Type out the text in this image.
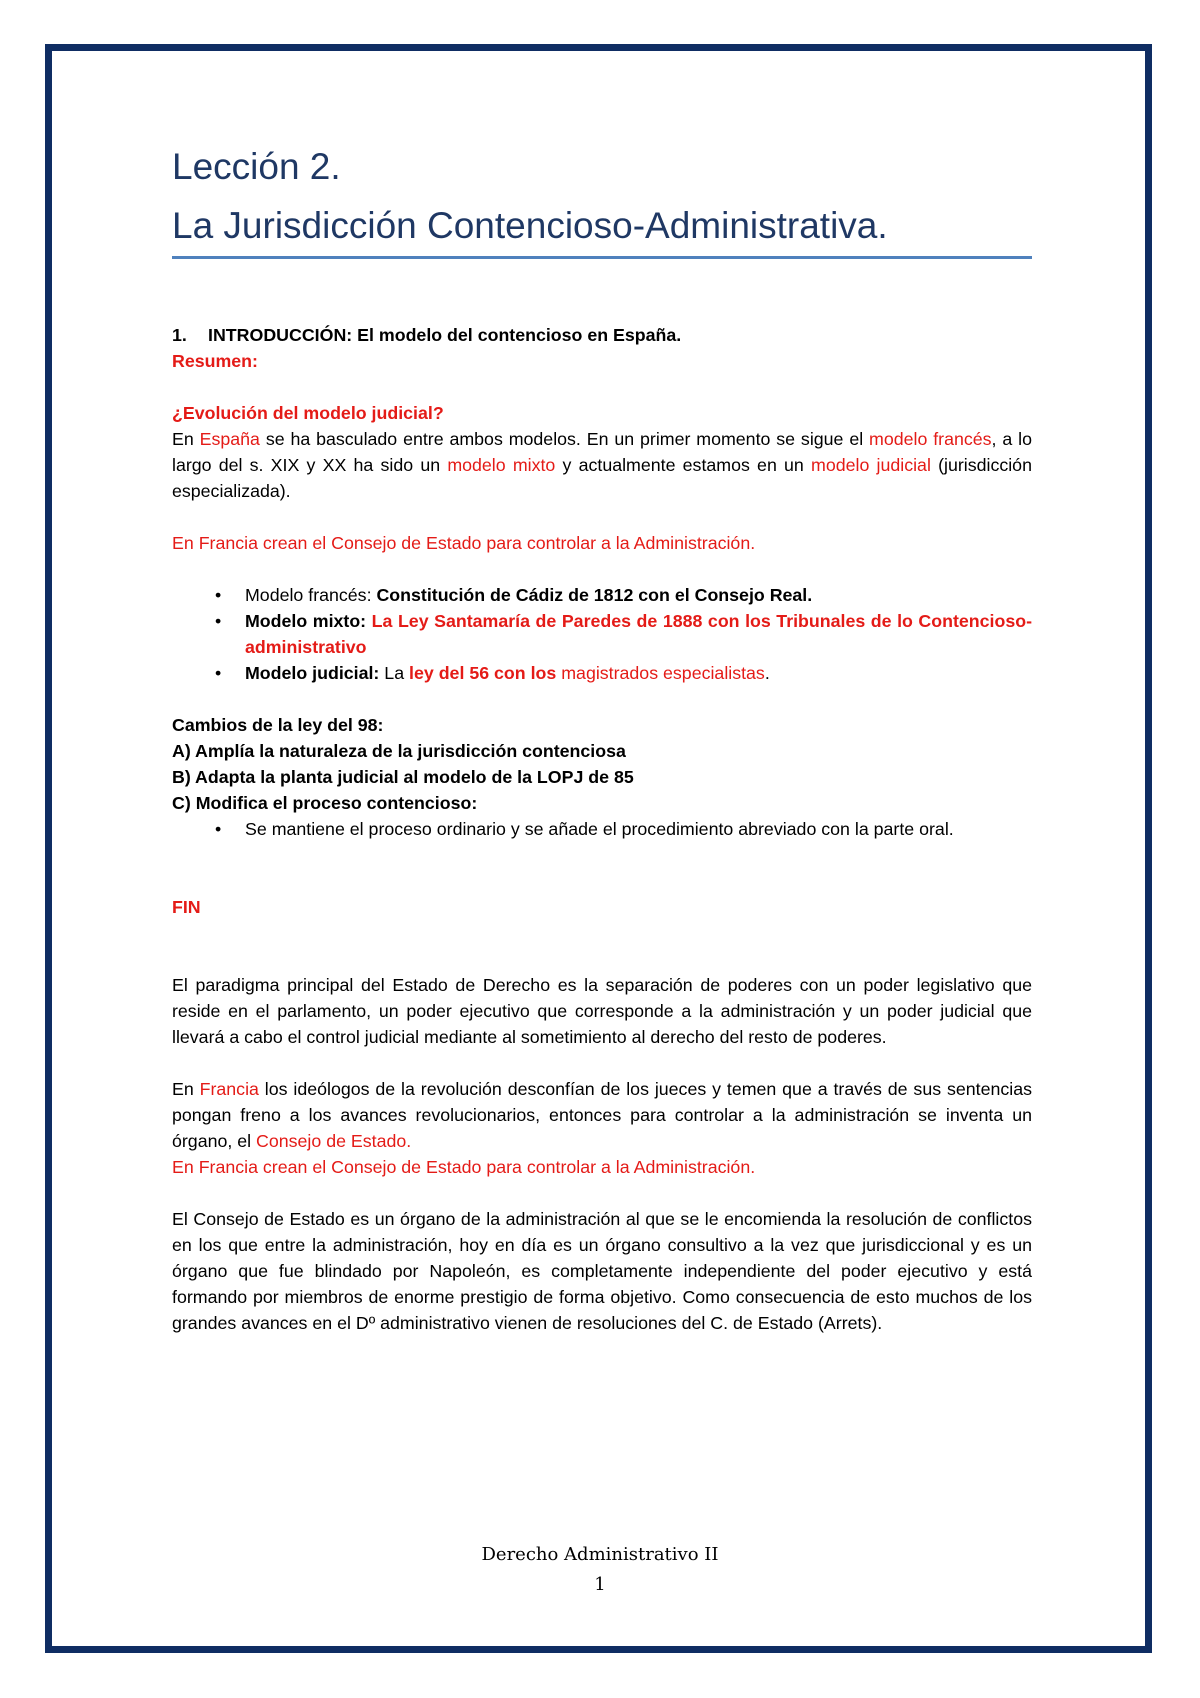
Lección 2.
La Jurisdicción Contencioso-Administrativa.

1.	INTRODUCCIÓN: El modelo del contencioso en España.

Resumen:

¿Evolución del modelo judicial?

En España se ha basculado entre ambos modelos. En un primer momento se sigue el modelo francés, a lo largo del s. XIX y XX ha sido un modelo mixto y actualmente estamos en un modelo judicial (jurisdicción especializada).

En Francia crean el Consejo de Estado para controlar a la Administración.

• Modelo francés: Constitución de Cádiz de 1812 con el Consejo Real.
• Modelo mixto: La Ley Santamaría de Paredes de 1888 con los Tribunales de lo Contencioso-administrativo
• Modelo judicial: La ley del 56 con los magistrados especialistas.

Cambios de la ley del 98:

A) Amplía la naturaleza de la jurisdicción contenciosa

B) Adapta la planta judicial al modelo de la LOPJ de 85

C) Modifica el proceso contencioso:

• Se mantiene el proceso ordinario y se añade el procedimiento abreviado con la parte oral.

FIN

El paradigma principal del Estado de Derecho es la separación de poderes con un poder legislativo que reside en el parlamento, un poder ejecutivo que corresponde a la administración y un poder judicial que llevará a cabo el control judicial mediante al sometimiento al derecho del resto de poderes.

En Francia los ideólogos de la revolución desconfían de los jueces y temen que a través de sus sentencias pongan freno a los avances revolucionarios, entonces para controlar a la administración se inventa un órgano, el Consejo de Estado.

En Francia crean el Consejo de Estado para controlar a la Administración.

El Consejo de Estado es un órgano de la administración al que se le encomienda la resolución de conflictos en los que entre la administración, hoy en día es un órgano consultivo a la vez que jurisdiccional y es un órgano que fue blindado por Napoleón, es completamente independiente del poder ejecutivo y está formando por miembros de enorme prestigio de forma objetivo. Como consecuencia de esto muchos de los grandes avances en el Dº administrativo vienen de resoluciones del C. de Estado (Arrets).

Derecho Administrativo II
1
